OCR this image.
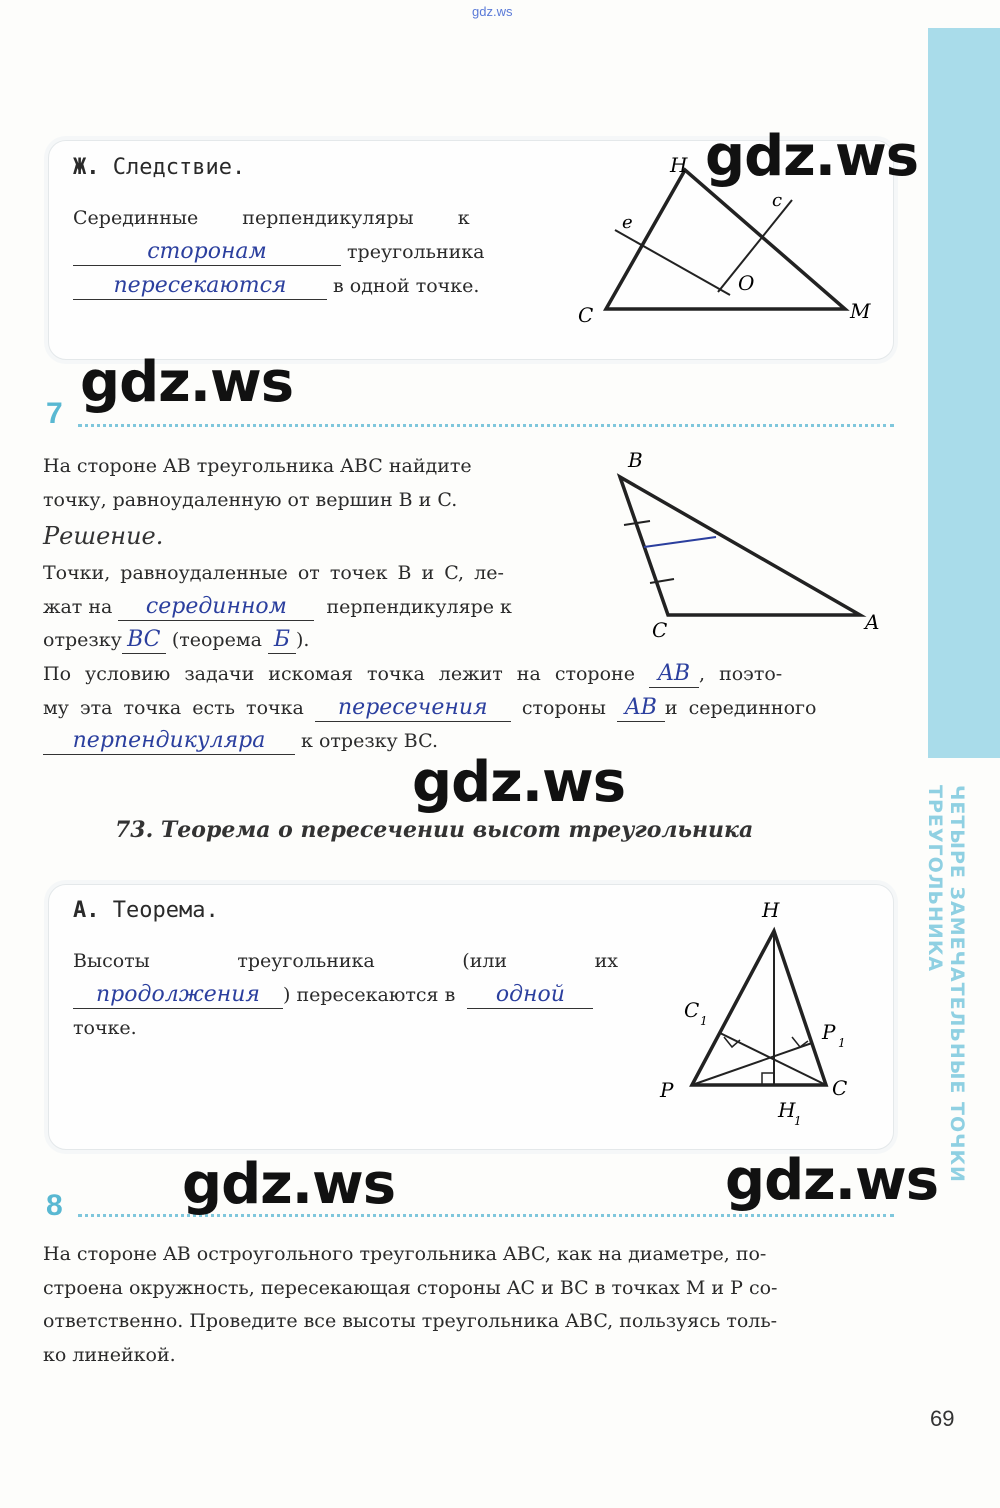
gdz.ws
ЧЕТЫРЕ ЗАМЕЧАТЕЛЬНЫЕ ТОЧКИ ТРЕУГОЛЬНИКА
Ж. Следствие.
Серединные перпендикуляры к
сторонам	треугольника
пересекаются в одной точке.
H
e
c
O
C	M
7
На стороне AB треугольника ABC найдите
точку, равноудаленную от вершин B и C.
Решение.
Точки, равноудаленные от точек B и C, ле-
жат на серединном перпендикуляре к
отрезку BC (теорема Б ).
По условию задачи искомая точка лежит на стороне AB , поэто-
му эта точка есть точка пересечения стороны AB и серединного
перпендикуляра к отрезку BC.
B
C	A
73. Теорема о пересечении высот треугольника
А. Теорема.
Высоты	треугольника	(или	их
продолжения ) пересекаются в одной
точке.
H
C 1	P 1
P	C
H
1
8
На стороне AB остроугольного треугольника ABC, как на диаметре, по-
строена окружность, пересекающая стороны AC и BC в точках M и P со-
ответственно. Проведите все высоты треугольника ABC, пользуясь толь-
ко линейкой.
69
gdz.ws
gdz.ws
gdz.ws
gdz.ws	gdz.ws
